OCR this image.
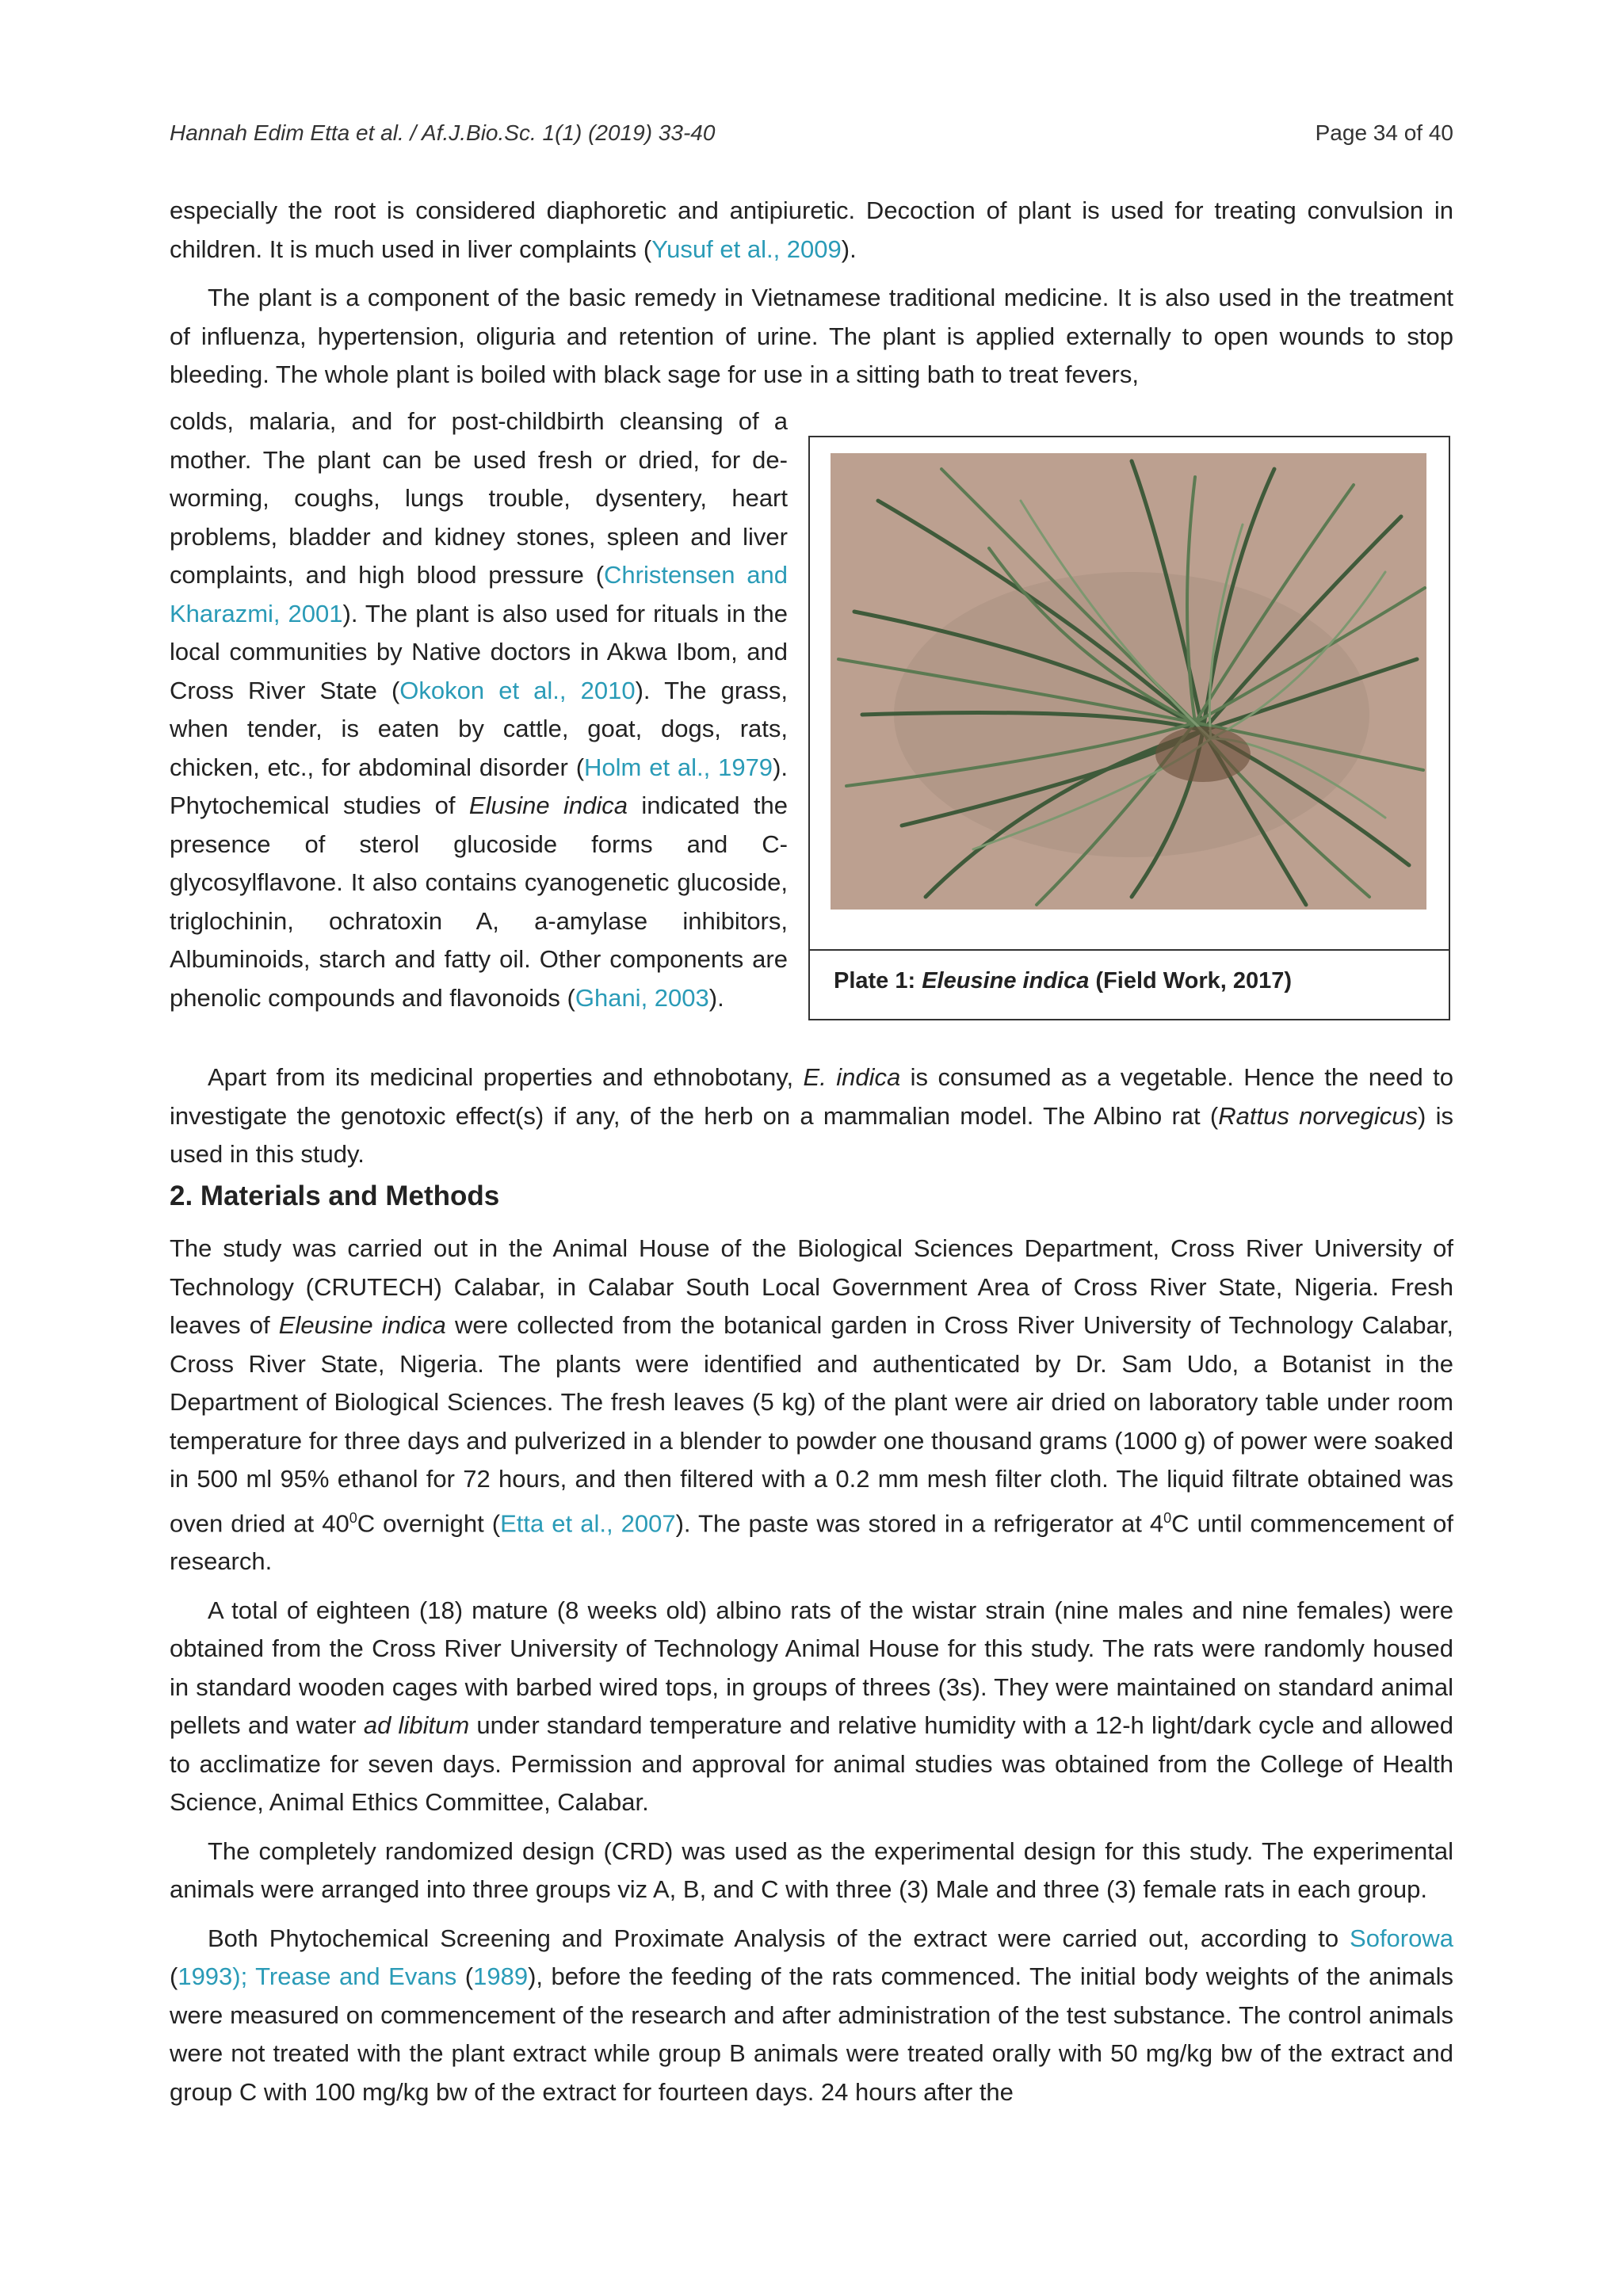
Hannah Edim Etta et al. / Af.J.Bio.Sc. 1(1) (2019) 33-40	Page 34 of 40

especially the root is considered diaphoretic and antipiuretic. Decoction of plant is used for treating convulsion in children. It is much used in liver complaints (Yusuf et al., 2009).

The plant is a component of the basic remedy in Vietnamese traditional medicine. It is also used in the treatment of influenza, hypertension, oliguria and retention of urine. The plant is applied externally to open wounds to stop bleeding. The whole plant is boiled with black sage for use in a sitting bath to treat fevers,

colds, malaria, and for post-childbirth cleansing of a mother. The plant can be used fresh or dried, for de-worming, coughs, lungs trouble, dysentery, heart problems, bladder and kidney stones, spleen and liver complaints, and high blood pressure (Christensen and Kharazmi, 2001). The plant is also used for rituals in the local communities by Native doctors in Akwa Ibom, and Cross River State (Okokon et al., 2010). The grass, when tender, is eaten by cattle, goat, dogs, rats, chicken, etc., for abdominal disorder (Holm et al., 1979). Phytochemical studies of Elusine indica indicated the presence of sterol glucoside forms and C-glycosylflavone. It also contains cyanogenetic glucoside, triglochinin, ochratoxin A, a-amylase inhibitors, Albuminoids, starch and fatty oil. Other components are phenolic compounds and flavonoids (Ghani, 2003).
Plate 1: Eleusine indica (Field Work, 2017)

Apart from its medicinal properties and ethnobotany, E. indica is consumed as a vegetable. Hence the need to investigate the genotoxic effect(s) if any, of the herb on a mammalian model. The Albino rat (Rattus norvegicus) is used in this study.

2. Materials and Methods

The study was carried out in the Animal House of the Biological Sciences Department, Cross River University of Technology (CRUTECH) Calabar, in Calabar South Local Government Area of Cross River State, Nigeria. Fresh leaves of Eleusine indica were collected from the botanical garden in Cross River University of Technology Calabar, Cross River State, Nigeria. The plants were identified and authenticated by Dr. Sam Udo, a Botanist in the Department of Biological Sciences. The fresh leaves (5 kg) of the plant were air dried on laboratory table under room temperature for three days and pulverized in a blender to powder one thousand grams (1000 g) of power were soaked in 500 ml 95% ethanol for 72 hours, and then filtered with a 0.2 mm mesh filter cloth. The liquid filtrate obtained was oven dried at $40^0C$ overnight (Etta et al., 2007). The paste was stored in a refrigerator at $4^0C$ until commencement of research.

A total of eighteen (18) mature (8 weeks old) albino rats of the wistar strain (nine males and nine females) were obtained from the Cross River University of Technology Animal House for this study. The rats were randomly housed in standard wooden cages with barbed wired tops, in groups of threes (3s). They were maintained on standard animal pellets and water ad libitum under standard temperature and relative humidity with a 12-h light/dark cycle and allowed to acclimatize for seven days. Permission and approval for animal studies was obtained from the College of Health Science, Animal Ethics Committee, Calabar.

The completely randomized design (CRD) was used as the experimental design for this study. The experimental animals were arranged into three groups viz A, B, and C with three (3) Male and three (3) female rats in each group.

Both Phytochemical Screening and Proximate Analysis of the extract were carried out, according to Soforowa (1993); Trease and Evans (1989), before the feeding of the rats commenced. The initial body weights of the animals were measured on commencement of the research and after administration of the test substance. The control animals were not treated with the plant extract while group B animals were treated orally with 50 mg/kg bw of the extract and group C with 100 mg/kg bw of the extract for fourteen days. 24 hours after the
